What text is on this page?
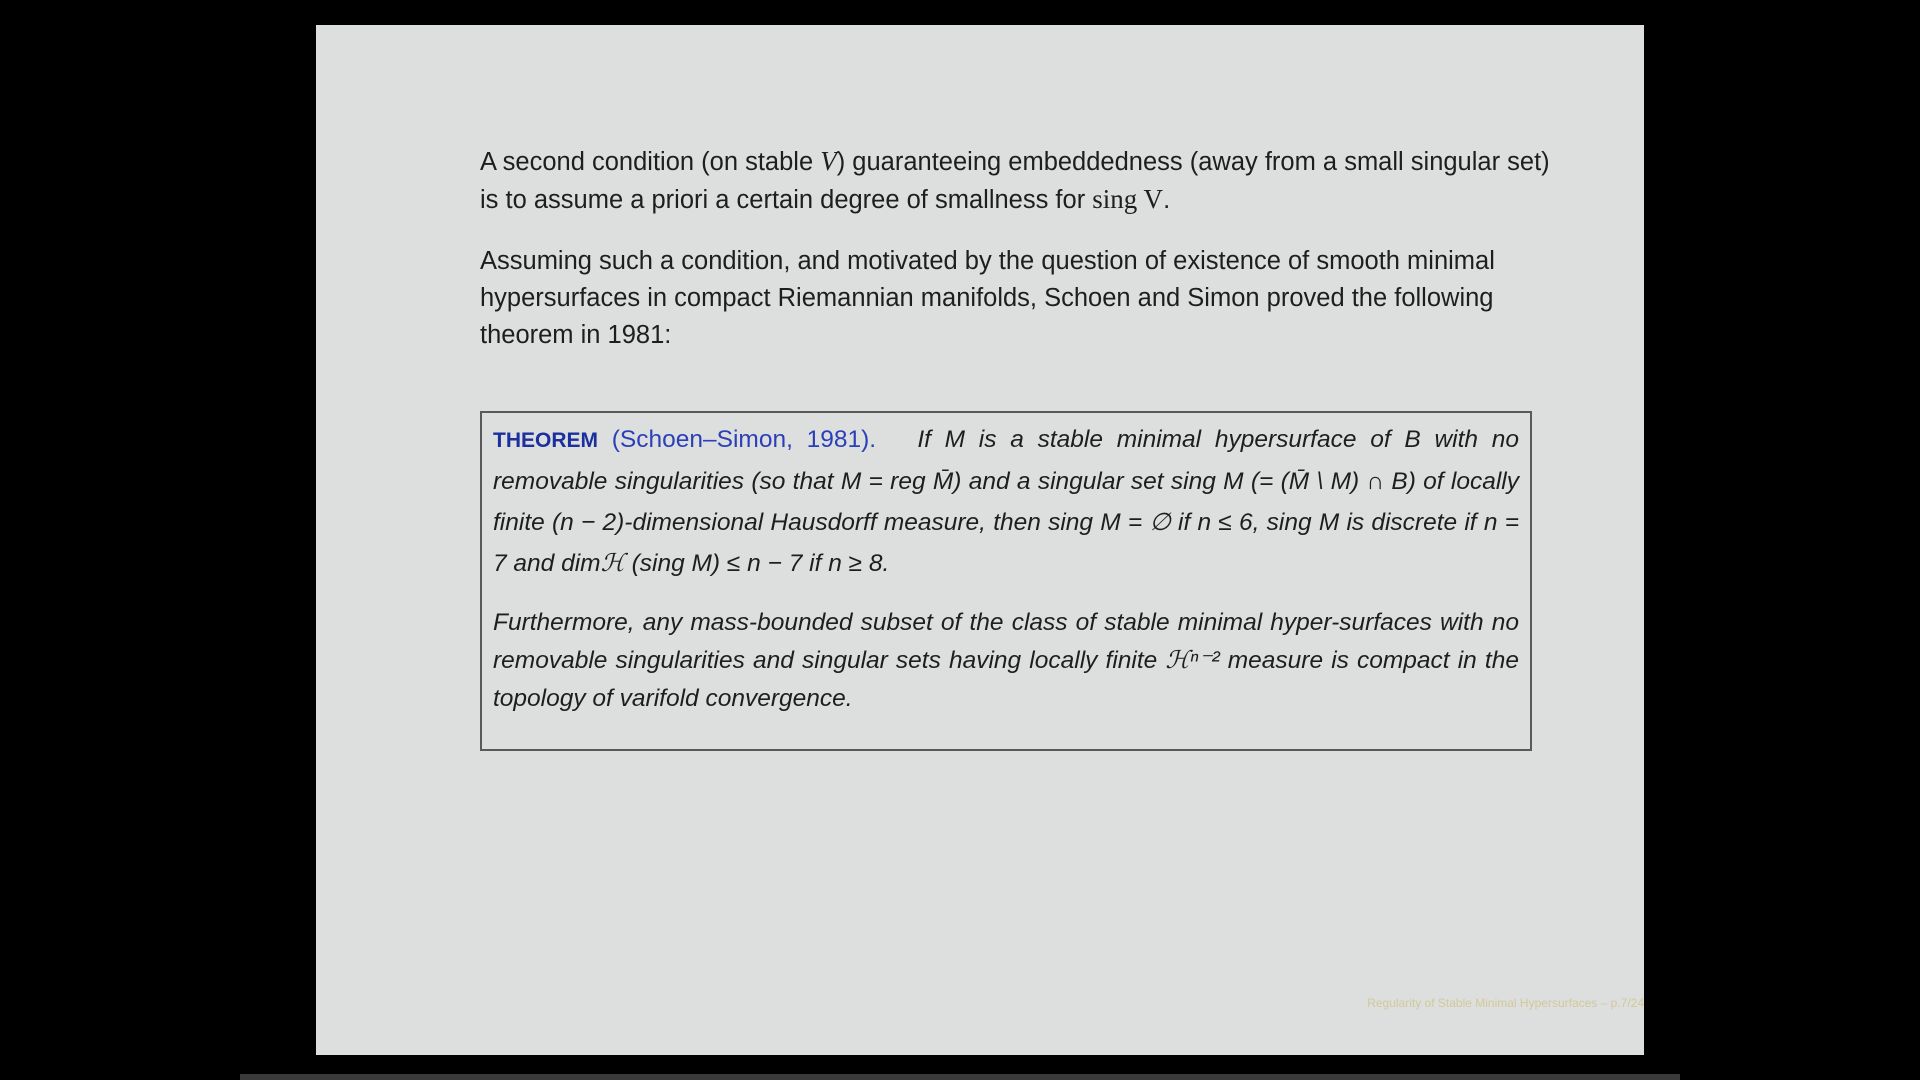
A second condition (on stable V) guaranteeing embeddedness (away from a small singular set) is to assume a priori a certain degree of smallness for sing V.

Assuming such a condition, and motivated by the question of existence of smooth minimal hypersurfaces in compact Riemannian manifolds, Schoen and Simon proved the following theorem in 1981:

Regularity of Stable Minimal Hypersurfaces – p.7/24

THEOREM (Schoen–Simon, 1981). If M is a stable minimal hypersurface of B with no removable singularities (so that M = reg M̄) and a singular set sing M (= (M̄ \ M) ∩ B) of locally finite (n − 2)-dimensional Hausdorff measure, then sing M = ∅ if n ≤ 6, sing M is discrete if n = 7 and dimℋ (sing M) ≤ n − 7 if n ≥ 8.

Furthermore, any mass-bounded subset of the class of stable minimal hyper-surfaces with no removable singularities and singular sets having locally finite ℋⁿ⁻² measure is compact in the topology of varifold convergence.
